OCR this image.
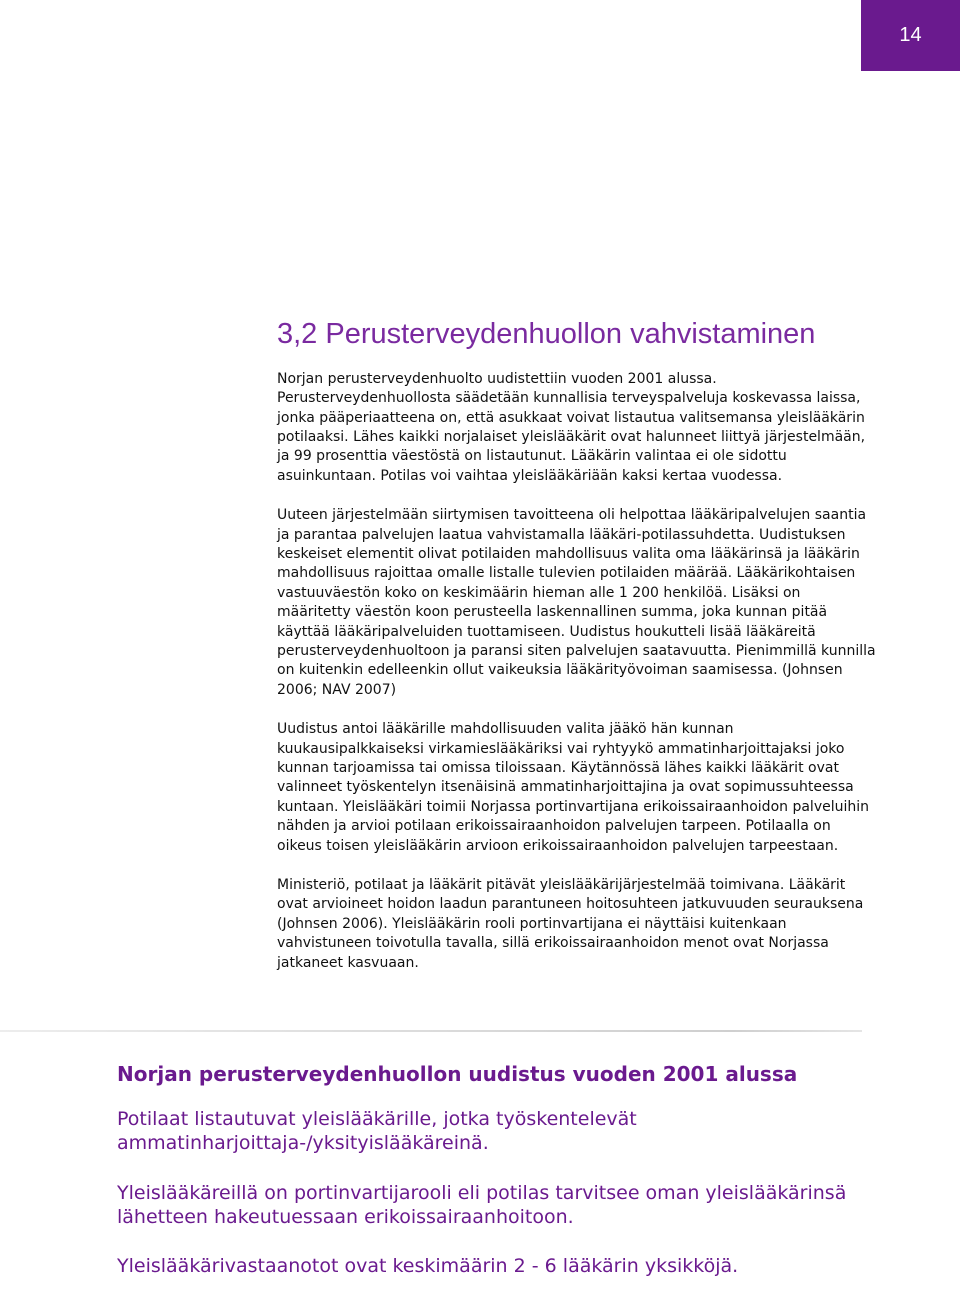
14
3,2 Perusterveydenhuollon vahvistaminen

Norjan perusterveydenhuolto uudistettiin vuoden 2001 alussa. Perusterveydenhuollosta säädetään kunnallisia terveyspalveluja koskevassa laissa, jonka pääperiaatteena on, että asukkaat voivat listautua valitsemansa yleislääkärin potilaaksi. Lähes kaikki norjalaiset yleislääkärit ovat halunneet liittyä järjestelmään, ja 99 prosenttia väestöstä on listautunut. Lääkärin valintaa ei ole sidottu asuinkuntaan. Potilas voi vaihtaa yleislääkäriään kaksi kertaa vuodessa.

Uuteen järjestelmään siirtymisen tavoitteena oli helpottaa lääkäripalvelujen saantia ja parantaa palvelujen laatua vahvistamalla lääkäri-potilassuhdetta. Uudistuksen keskeiset elementit olivat potilaiden mahdollisuus valita oma lääkärinsä ja lääkärin mahdollisuus rajoittaa omalle listalle tulevien potilaiden määrää. Lääkärikohtaisen vastuuväestön koko on keskimäärin hieman alle 1 200 henkilöä. Lisäksi on määritetty väestön koon perusteella laskennallinen summa, joka kunnan pitää käyttää lääkäripalveluiden tuottamiseen. Uudistus houkutteli lisää lääkäreitä perusterveydenhuoltoon ja paransi siten palvelujen saatavuutta. Pienimmillä kunnilla on kuitenkin edelleenkin ollut vaikeuksia lääkärityövoiman saamisessa. (Johnsen 2006; NAV 2007)

Uudistus antoi lääkärille mahdollisuuden valita jääkö hän kunnan kuukausipalkkaiseksi virkamieslääkäriksi vai ryhtyykö ammatinharjoittajaksi joko kunnan tarjoamissa tai omissa tiloissaan. Käytännössä lähes kaikki lääkärit ovat valinneet työskentelyn itsenäisinä ammatinharjoittajina ja ovat sopimussuhteessa kuntaan. Yleislääkäri toimii Norjassa portinvartijana erikoissairaanhoidon palveluihin nähden ja arvioi potilaan erikoissairaanhoidon palvelujen tarpeen. Potilaalla on oikeus toisen yleislääkärin arvioon erikoissairaanhoidon palvelujen tarpeestaan.

Ministeriö, potilaat ja lääkärit pitävät yleislääkärijärjestelmää toimivana. Lääkärit ovat arvioineet hoidon laadun parantuneen hoitosuhteen jatkuvuuden seurauksena (Johnsen 2006). Yleislääkärin rooli portinvartijana ei näyttäisi kuitenkaan vahvistuneen toivotulla tavalla, sillä erikoissairaanhoidon menot ovat Norjassa jatkaneet kasvuaan.

Norjan perusterveydenhuollon uudistus vuoden 2001 alussa
Potilaat listautuvat yleislääkärille, jotka työskentelevät ammatinharjoittaja-/yksityislääkäreinä.
Yleislääkäreillä on portinvartijarooli eli potilas tarvitsee oman yleislääkärinsä lähetteen hakeutuessaan erikoissairaanhoitoon.
Yleislääkärivastaanotot ovat keskimäärin 2 - 6 lääkärin yksikköjä.
